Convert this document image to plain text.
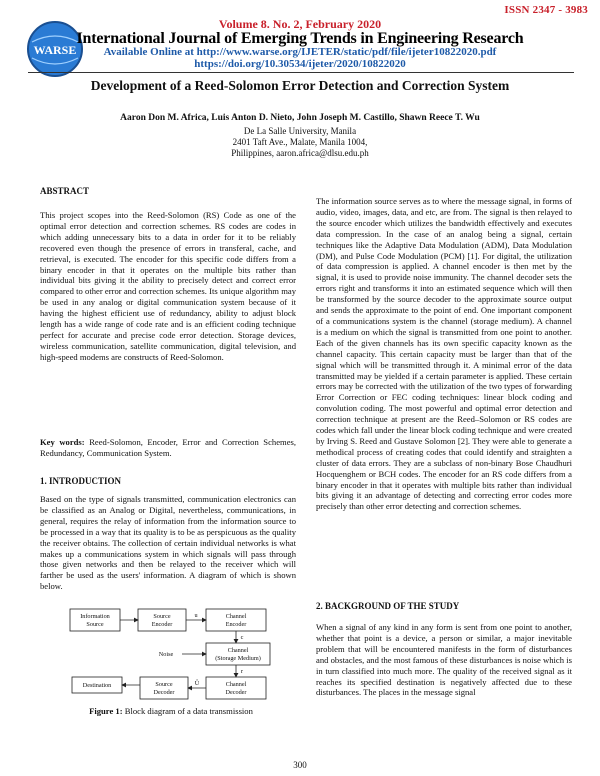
ISSN 2347 - 3983
WARSE
Volume 8. No. 2, February 2020
International Journal of Emerging Trends in Engineering Research
Available Online at http://www.warse.org/IJETER/static/pdf/file/ijeter10822020.pdf
https://doi.org/10.30534/ijeter/2020/10822020
Development of a Reed-Solomon Error Detection and Correction System
Aaron Don M. Africa, Luis Anton D. Nieto, John Joseph M. Castillo, Shawn Reece T. Wu
De La Salle University, Manila
2401 Taft Ave., Malate, Manila 1004,
Philippines, aaron.africa@dlsu.edu.ph
ABSTRACT
This project scopes into the Reed-Solomon (RS) Code as one of the optimal error detection and correction schemes. RS codes are codes in which adding unnecessary bits to a data in order for it to be reliably recovered even though the presence of errors in transferal, cache, and retrieval, is executed. The encoder for this specific code differs from a binary encoder in that it operates on the multiple bits rather than individual bits giving it the ability to precisely detect and correct error compared to other error and correction schemes. Its unique algorithm may be used in any analog or digital communication system because of it having the highest efficient use of redundancy, ability to adjust block length has a wide range of code rate and is an efficient coding technique perfect for accurate and precise code error detection. Storage devices, wireless communication, satellite communication, digital television, and high-speed modems are constructs of Reed-Solomon.
Key words: Reed-Solomon, Encoder, Error and Correction Schemes, Redundancy, Communication System.
1. INTRODUCTION
Based on the type of signals transmitted, communication electronics can be classified as an Analog or Digital, nevertheless, communications, in general, requires the relay of information from the information source to be processed in a way that its quality is to be as perspicuous as the quality the receiver obtains. The collection of certain individual networks is what makes up a communications system in which signals will pass through those given networks and then be relayed to the receiver which will farther be used as the users' information. A diagram of which is shown below.
Information
Source
Source
Encoder
Channel
Encoder
Channel
(Storage Medium)
Noise
Destination	Source
Decoder
Channel
Decoder
u
c
r
Û
Figure 1: Block diagram of a data transmission
The information source serves as to where the message signal, in forms of audio, video, images, data, and etc, are from. The signal is then relayed to the source encoder which utilizes the bandwidth effectively and executes data compression. In the case of an analog being a signal, certain techniques like the Adaptive Data Modulation (ADM), Data Modulation (DM), and Pulse Code Modulation (PCM) [1]. For digital, the utilization of data compression is applied. A channel encoder is then met by the signal, it is used to provide noise immunity. The channel decoder sets the errors right and transforms it into an estimated sequence which will then be transformed by the source decoder to the approximate source output and sends the approximate to the point of end. One important component of a communications system is the channel (storage medium). A channel is a medium on which the signal is transmitted from one point to another. Each of the given channels has its own specific capacity known as the channel capacity. This certain capacity must be larger than that of the signal which will be transmitted through it. A minimal error of the data transmitted may be yielded if a certain parameter is applied. These certain errors may be corrected with the utilization of the two types of forwarding Error Correction or FEC coding techniques: linear block coding and convolution coding. The most powerful and optimal error detection and correction technique at present are the Reed–Solomon or RS codes are codes which fall under the linear block coding technique and were created by Irving S. Reed and Gustave Solomon [2]. They were able to generate a methodical process of creating codes that could identify and straighten a cluster of data errors. They are a subclass of non-binary Bose Chaudhuri Hocquenghem or BCH codes. The encoder for an RS code differs from a binary encoder in that it operates with multiple bits rather than individual bits giving it an advantage of detecting and correcting error codes more precisely than other error detecting and correction schemes.
2. BACKGROUND OF THE STUDY
When a signal of any kind in any form is sent from one point to another, whether that point is a device, a person or similar, a major inevitable problem that will be encountered manifests in the form of disturbances and obstacles, and the most famous of these disturbances is noise which is in turn classified into much more. The quality of the received signal as it reaches its specified destination is negatively affected due to these disturbances. The places in the message signal
300
